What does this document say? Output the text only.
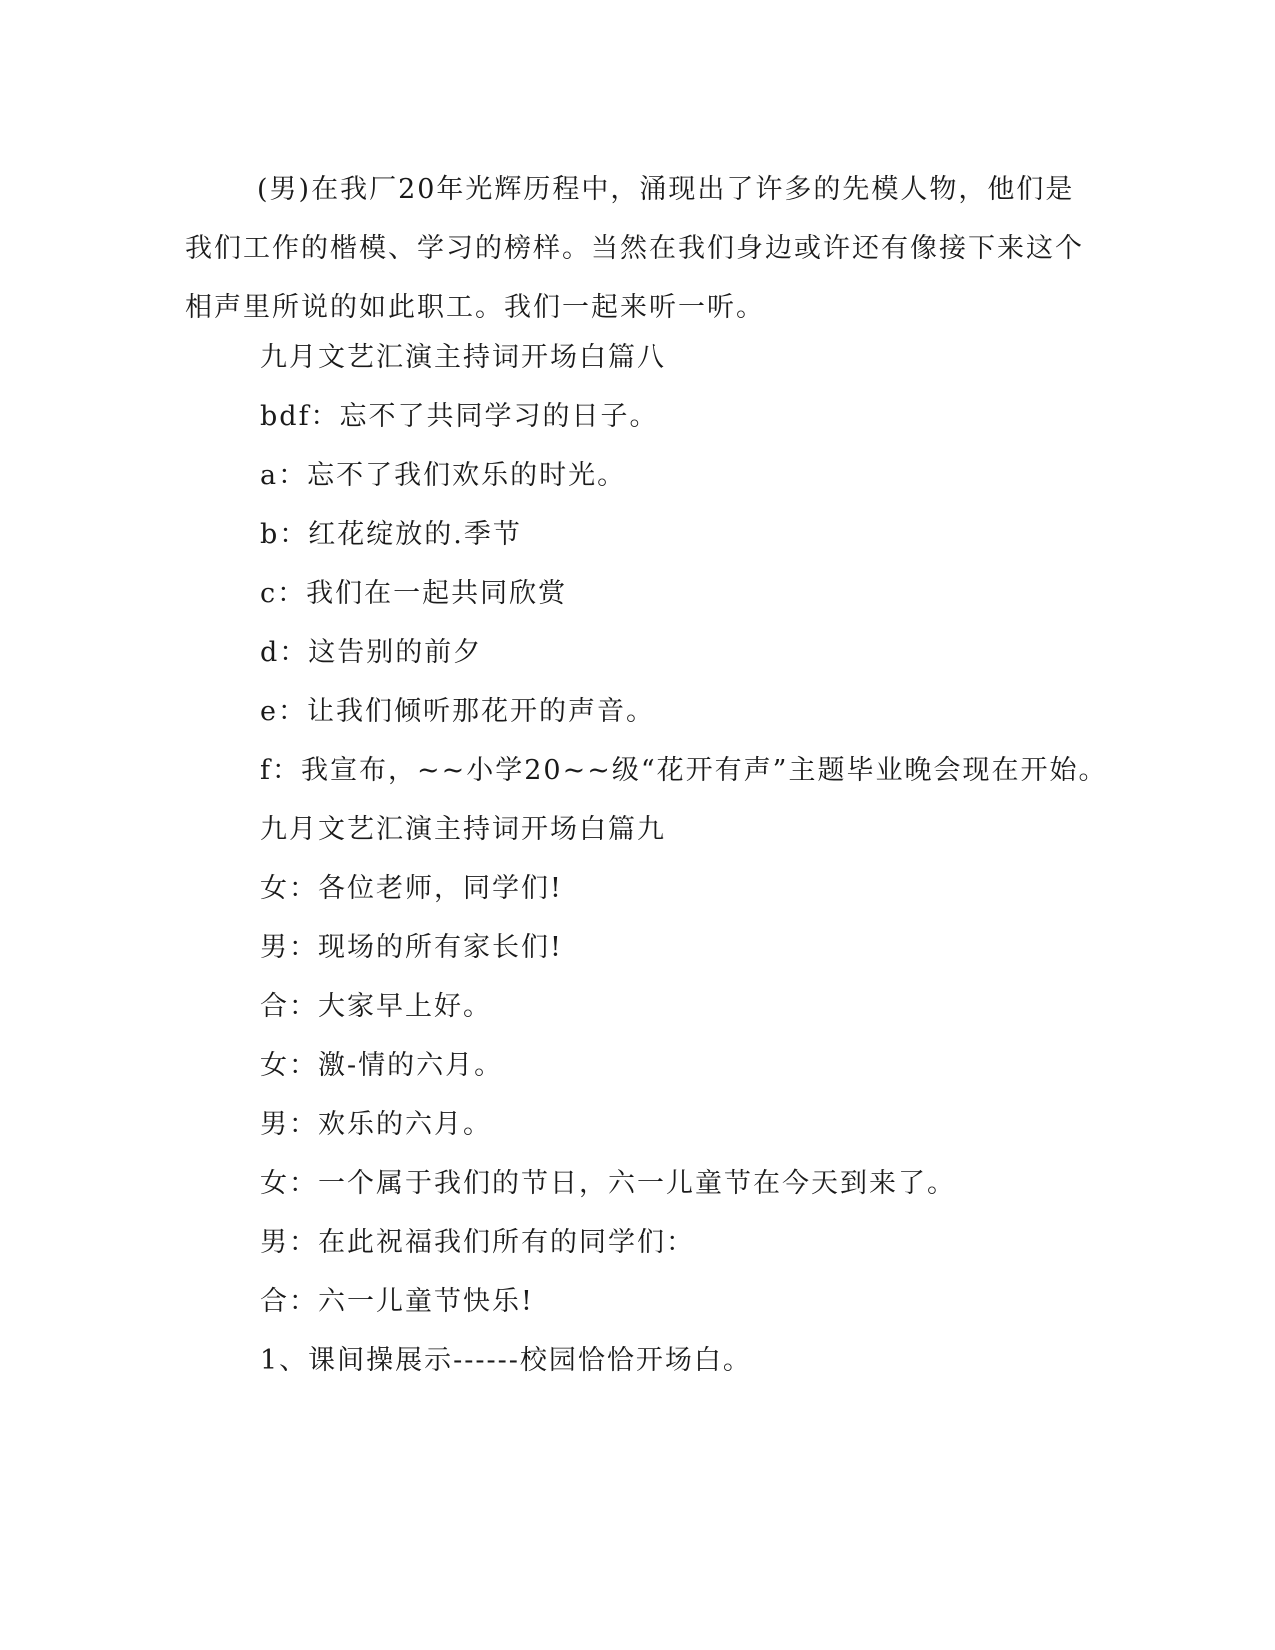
(男)在我厂20年光辉历程中，涌现出了许多的先模人物，他们是我们工作的楷模、学习的榜样。当然在我们身边或许还有像接下来这个相声里所说的如此职工。我们一起来听一听。

九月文艺汇演主持词开场白篇八

bdf：忘不了共同学习的日子。

a：忘不了我们欢乐的时光。

b：红花绽放的.季节

c：我们在一起共同欣赏

d：这告别的前夕

e：让我们倾听那花开的声音。

f：我宣布，~~小学20~~级“花开有声”主题毕业晚会现在开始。

九月文艺汇演主持词开场白篇九

女：各位老师，同学们!

男：现场的所有家长们!

合：大家早上好。

女：激-情的六月。

男：欢乐的六月。

女：一个属于我们的节日，六一儿童节在今天到来了。

男：在此祝福我们所有的同学们：

合：六一儿童节快乐!

1、课间操展示------校园恰恰开场白。
